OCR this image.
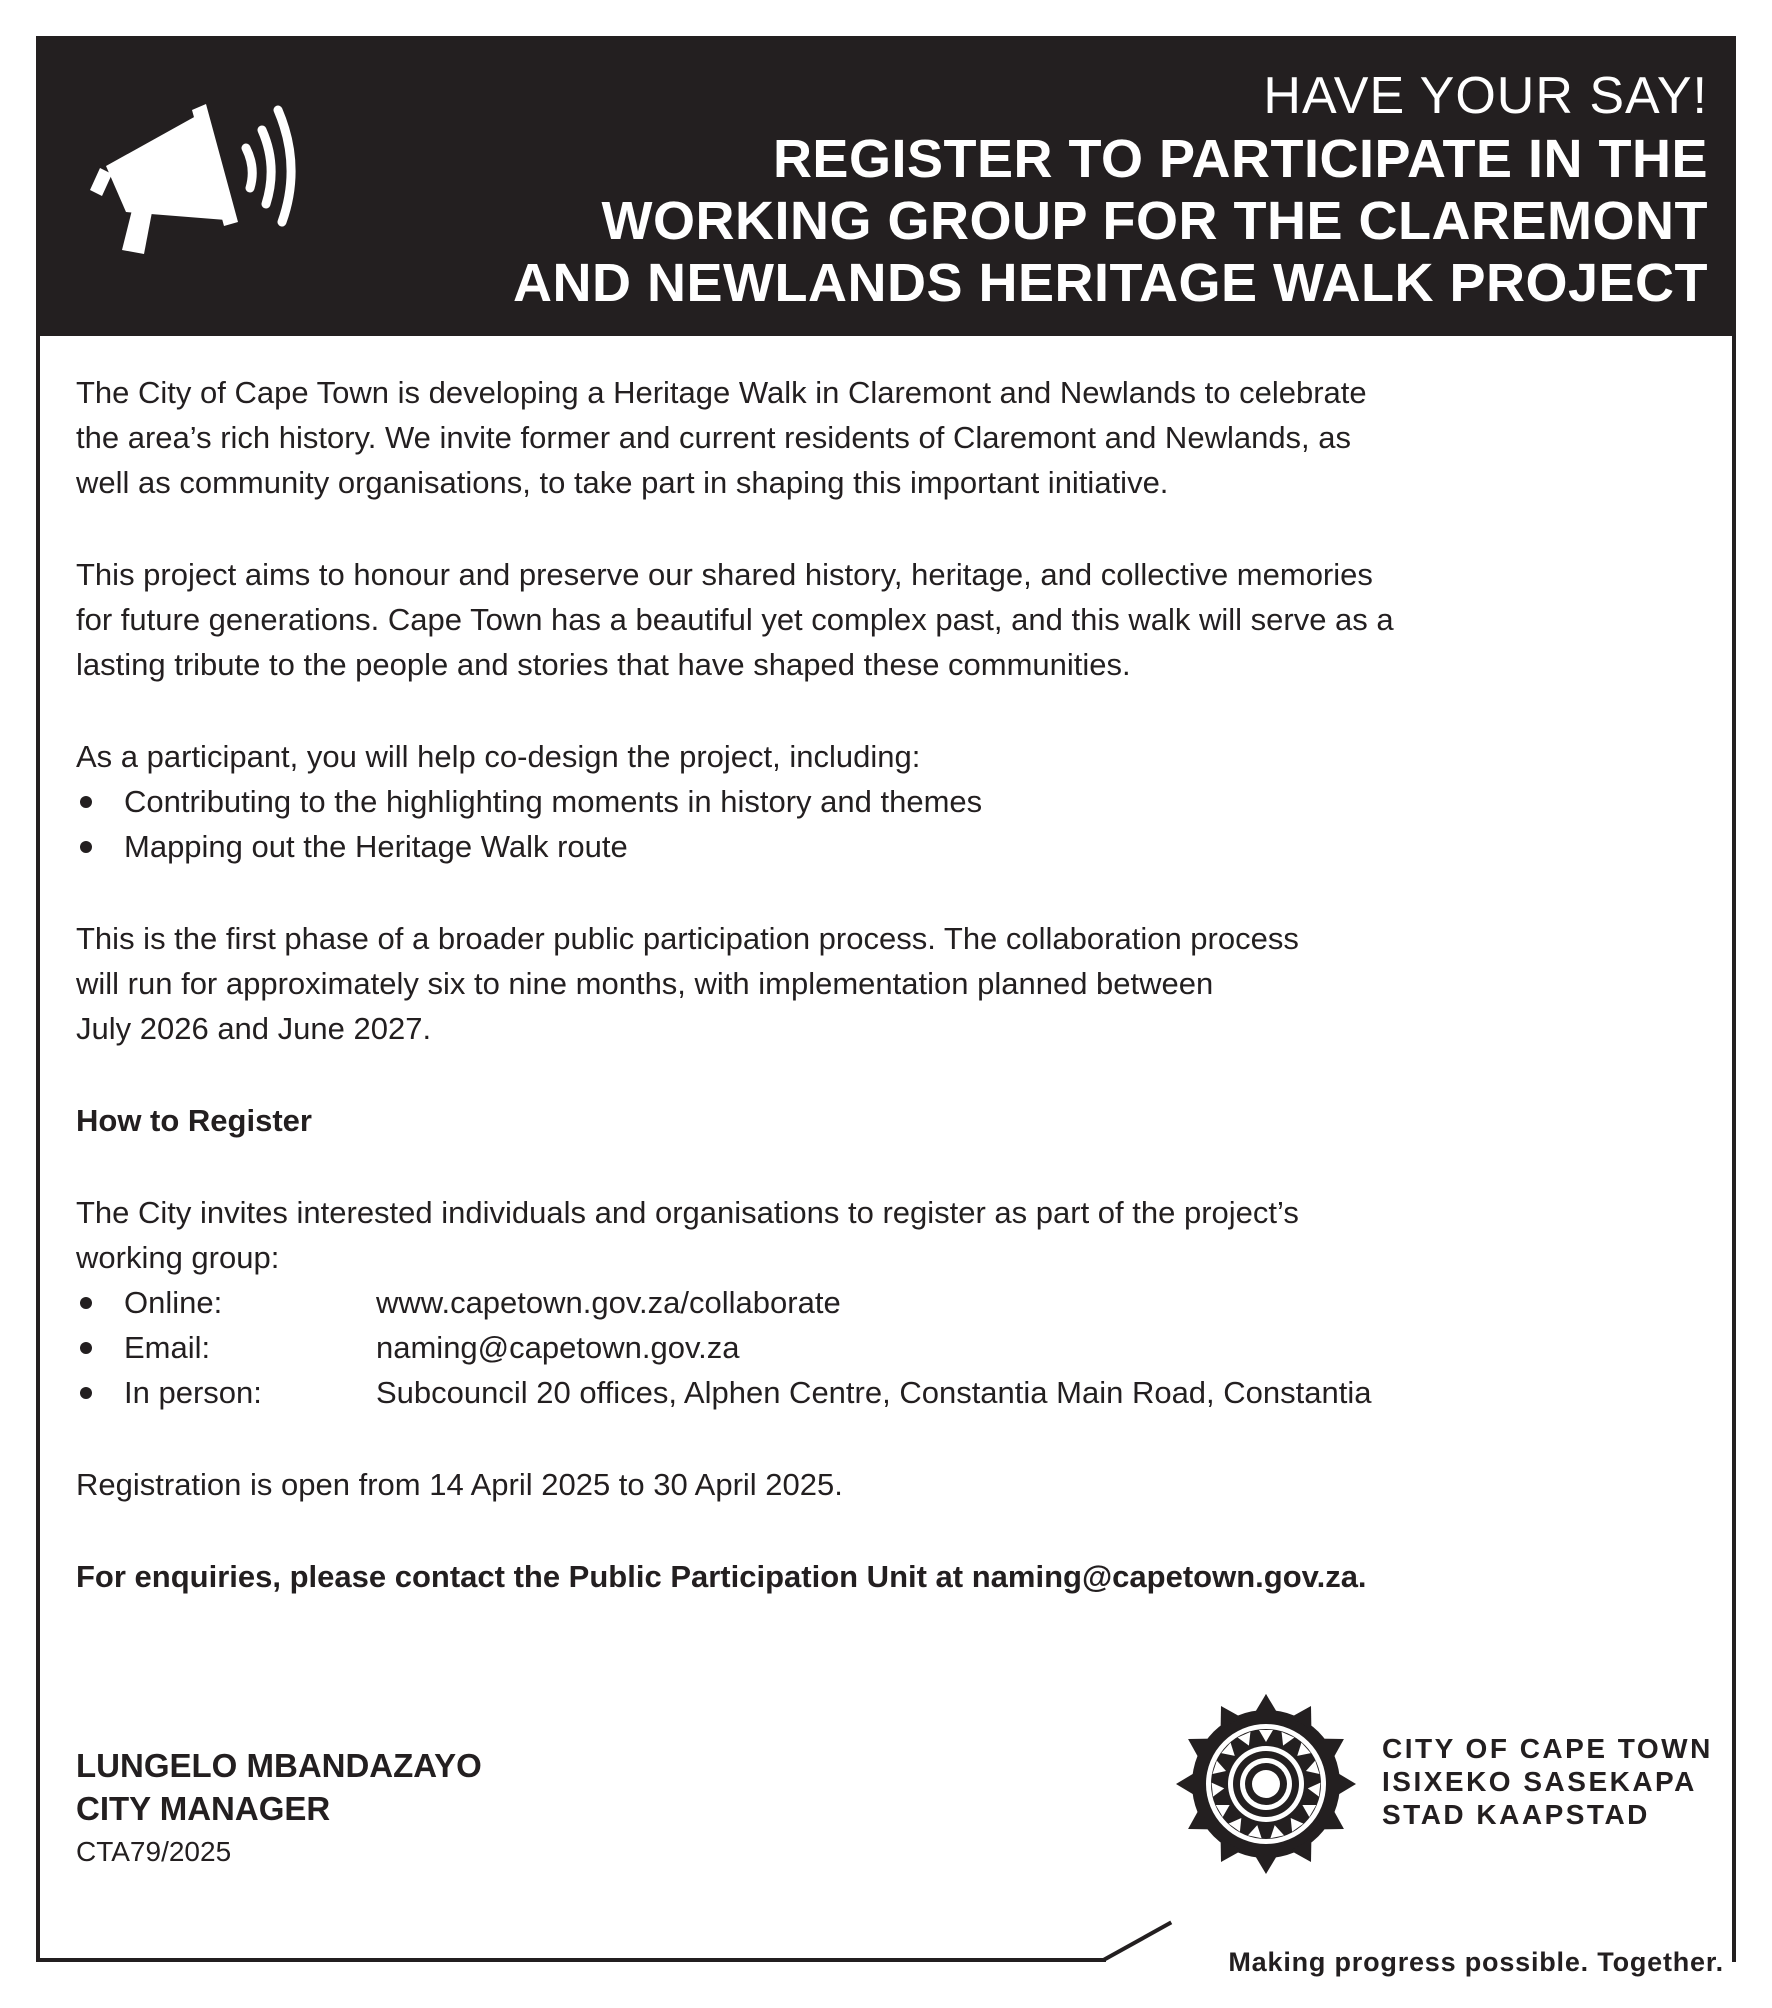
HAVE YOUR SAY!
REGISTER TO PARTICIPATE IN THE
WORKING GROUP FOR THE CLAREMONT
AND NEWLANDS HERITAGE WALK PROJECT

The City of Cape Town is developing a Heritage Walk in Claremont and Newlands to celebrate
the area’s rich history. We invite former and current residents of Claremont and Newlands, as
well as community organisations, to take part in shaping this important initiative.

This project aims to honour and preserve our shared history, heritage, and collective memories
for future generations. Cape Town has a beautiful yet complex past, and this walk will serve as a
lasting tribute to the people and stories that have shaped these communities.

As a participant, you will help co-design the project, including:

Contributing to the highlighting moments in history and themes
Mapping out the Heritage Walk route

This is the first phase of a broader public participation process. The collaboration process
will run for approximately six to nine months, with implementation planned between
July 2026 and June 2027.

How to Register

The City invites interested individuals and organisations to register as part of the project’s
working group:

Online:	www.capetown.gov.za/collaborate
Email:	naming@capetown.gov.za
In person:	Subcouncil 20 offices, Alphen Centre, Constantia Main Road, Constantia

Registration is open from 14 April 2025 to 30 April 2025.

For enquiries, please contact the Public Participation Unit at naming@capetown.gov.za.

LUNGELO MBANDAZAYO
CITY MANAGER
CTA79/2025
CITY OF CAPE TOWN
ISIXEKO SASEKAPA
STAD KAAPSTAD
Making progress possible. Together.
